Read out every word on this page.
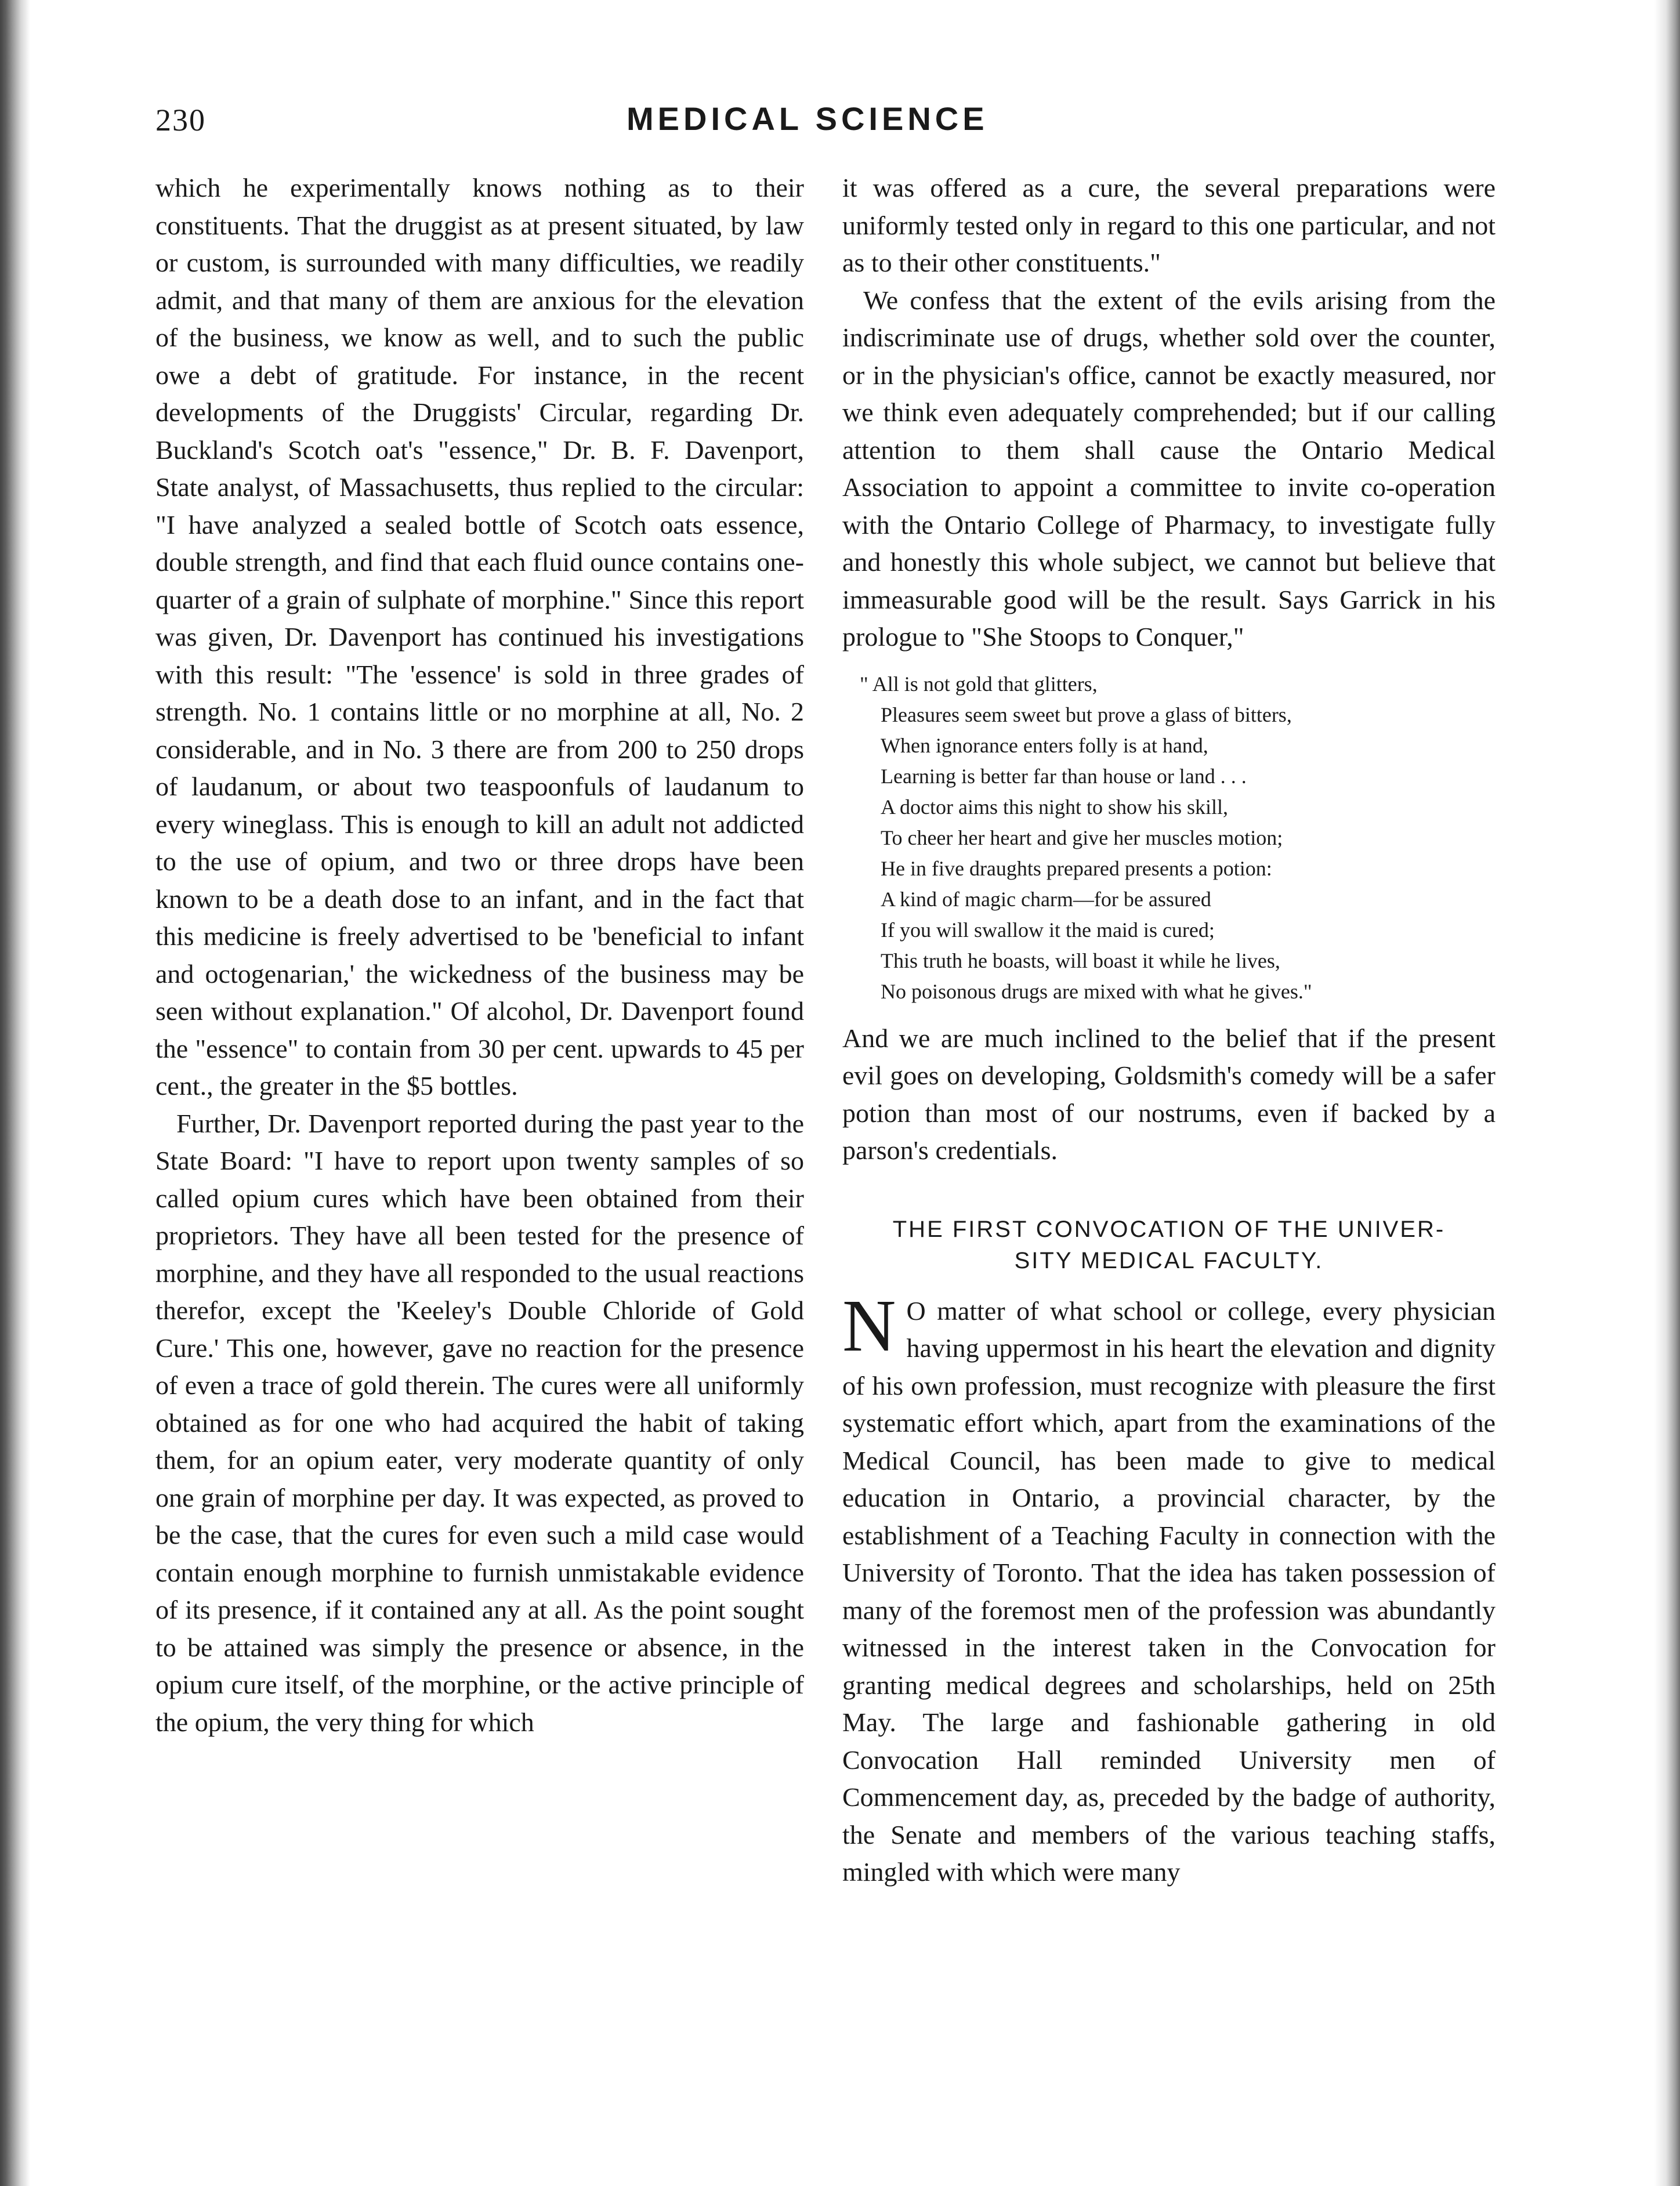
230	MEDICAL SCIENCE

which he experimentally knows nothing as to their constituents. That the druggist as at present situated, by law or custom, is surrounded with many difficulties, we readily admit, and that many of them are anxious for the elevation of the business, we know as well, and to such the public owe a debt of gratitude. For instance, in the recent developments of the Druggists' Circular, regarding Dr. Buckland's Scotch oat's "essence," Dr. B. F. Davenport, State analyst, of Massachusetts, thus replied to the circular: "I have analyzed a sealed bottle of Scotch oats essence, double strength, and find that each fluid ounce contains one-quarter of a grain of sulphate of morphine." Since this report was given, Dr. Davenport has continued his investigations with this result: "The 'essence' is sold in three grades of strength. No. 1 contains little or no morphine at all, No. 2 considerable, and in No. 3 there are from 200 to 250 drops of laudanum, or about two teaspoonfuls of laudanum to every wineglass. This is enough to kill an adult not addicted to the use of opium, and two or three drops have been known to be a death dose to an infant, and in the fact that this medicine is freely advertised to be 'beneficial to infant and octogenarian,' the wickedness of the business may be seen without explanation." Of alcohol, Dr. Davenport found the "essence" to contain from 30 per cent. upwards to 45 per cent., the greater in the $5 bottles.

Further, Dr. Davenport reported during the past year to the State Board: "I have to report upon twenty samples of so called opium cures which have been obtained from their proprietors. They have all been tested for the presence of morphine, and they have all responded to the usual reactions therefor, except the 'Keeley's Double Chloride of Gold Cure.' This one, however, gave no reaction for the presence of even a trace of gold therein. The cures were all uniformly obtained as for one who had acquired the habit of taking them, for an opium eater, very moderate quantity of only one grain of morphine per day. It was expected, as proved to be the case, that the cures for even such a mild case would contain enough morphine to furnish unmistakable evidence of its presence, if it contained any at all. As the point sought to be attained was simply the presence or absence, in the opium cure itself, of the morphine, or the active principle of the opium, the very thing for which

it was offered as a cure, the several preparations were uniformly tested only in regard to this one particular, and not as to their other constituents."

We confess that the extent of the evils arising from the indiscriminate use of drugs, whether sold over the counter, or in the physician's office, cannot be exactly measured, nor we think even adequately comprehended; but if our calling attention to them shall cause the Ontario Medical Association to appoint a committee to invite co-operation with the Ontario College of Pharmacy, to investigate fully and honestly this whole subject, we cannot but believe that immeasurable good will be the result. Says Garrick in his prologue to "She Stoops to Conquer,"

" All is not gold that glitters,
Pleasures seem sweet but prove a glass of bitters,
When ignorance enters folly is at hand,
Learning is better far than house or land . . .
A doctor aims this night to show his skill,
To cheer her heart and give her muscles motion;
He in five draughts prepared presents a potion:
A kind of magic charm—for be assured
If you will swallow it the maid is cured;
This truth he boasts, will boast it while he lives,
No poisonous drugs are mixed with what he gives."

And we are much inclined to the belief that if the present evil goes on developing, Goldsmith's comedy will be a safer potion than most of our nostrums, even if backed by a parson's credentials.

THE FIRST CONVOCATION OF THE UNIVER-
SITY MEDICAL FACULTY.

N O matter of what school or college, every physician having uppermost in his heart the elevation and dignity of his own profession, must recognize with pleasure the first systematic effort which, apart from the examinations of the Medical Council, has been made to give to medical education in Ontario, a provincial character, by the establishment of a Teaching Faculty in connection with the University of Toronto. That the idea has taken possession of many of the foremost men of the profession was abundantly witnessed in the interest taken in the Convocation for granting medical degrees and scholarships, held on 25th May. The large and fashionable gathering in old Convocation Hall reminded University men of Commencement day, as, preceded by the badge of authority, the Senate and members of the various teaching staffs, mingled with which were many
